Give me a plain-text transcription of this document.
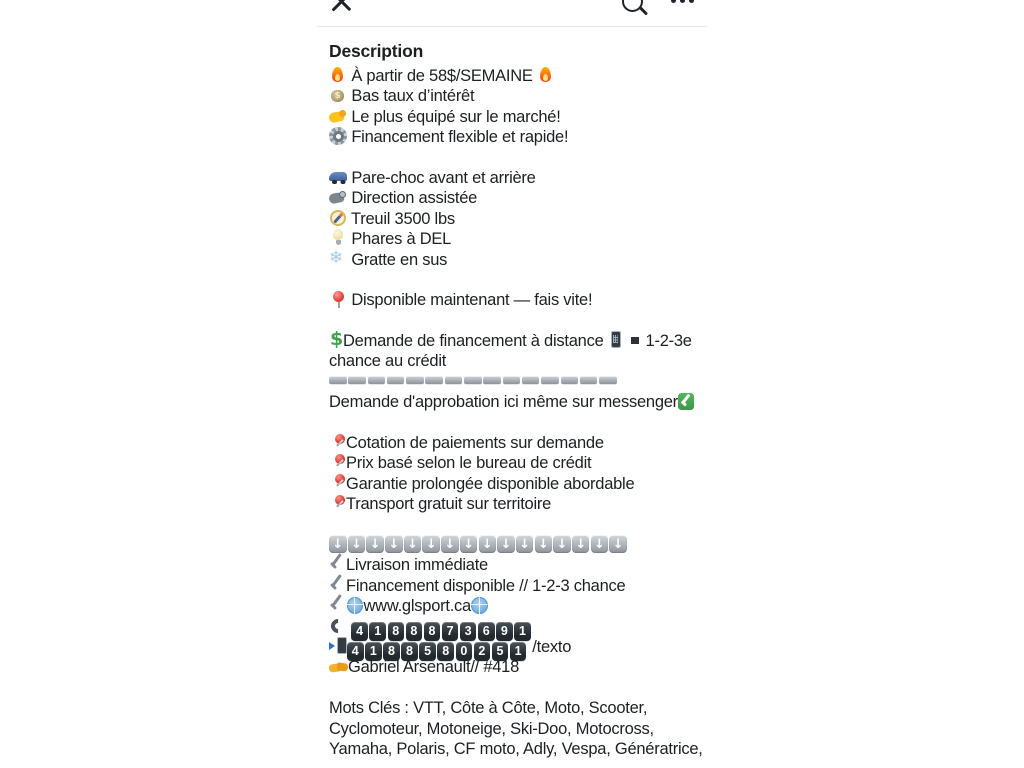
Description
À partir de 58$/SEMAINE
$ Bas taux d’intérêt
Le plus équipé sur le marché!
Financement flexible et rapide!
Pare-choc avant et arrière
Direction assistée
Treuil 3500 lbs
Phares à DEL
❄ Gratte en sus
Disponible maintenant — fais vite!
$Demande de financement à distance   1-2-3e
chance au crédit
Demande d'approbation ici même sur messenger
Cotation de paiements sur demande
Prix basé selon le bureau de crédit
Garantie prolongée disponible abordable
Transport gratuit sur territoire
↓↓↓↓↓↓↓↓↓↓↓↓↓↓↓↓
Livraison immédiate
Financement disponible // 1-2-3 chance
www.glsport.ca
4 1 8 8 8 7 3 6 9 1
4 1 8 8 5 8 0 2 5 1 /texto
Gabriel Arsenault// #418
Mots Clés : VTT, Côte à Côte, Moto, Scooter,
Cyclomoteur, Motoneige, Ski-Doo, Motocross,
Yamaha, Polaris, CF moto, Adly, Vespa, Génératrice,
